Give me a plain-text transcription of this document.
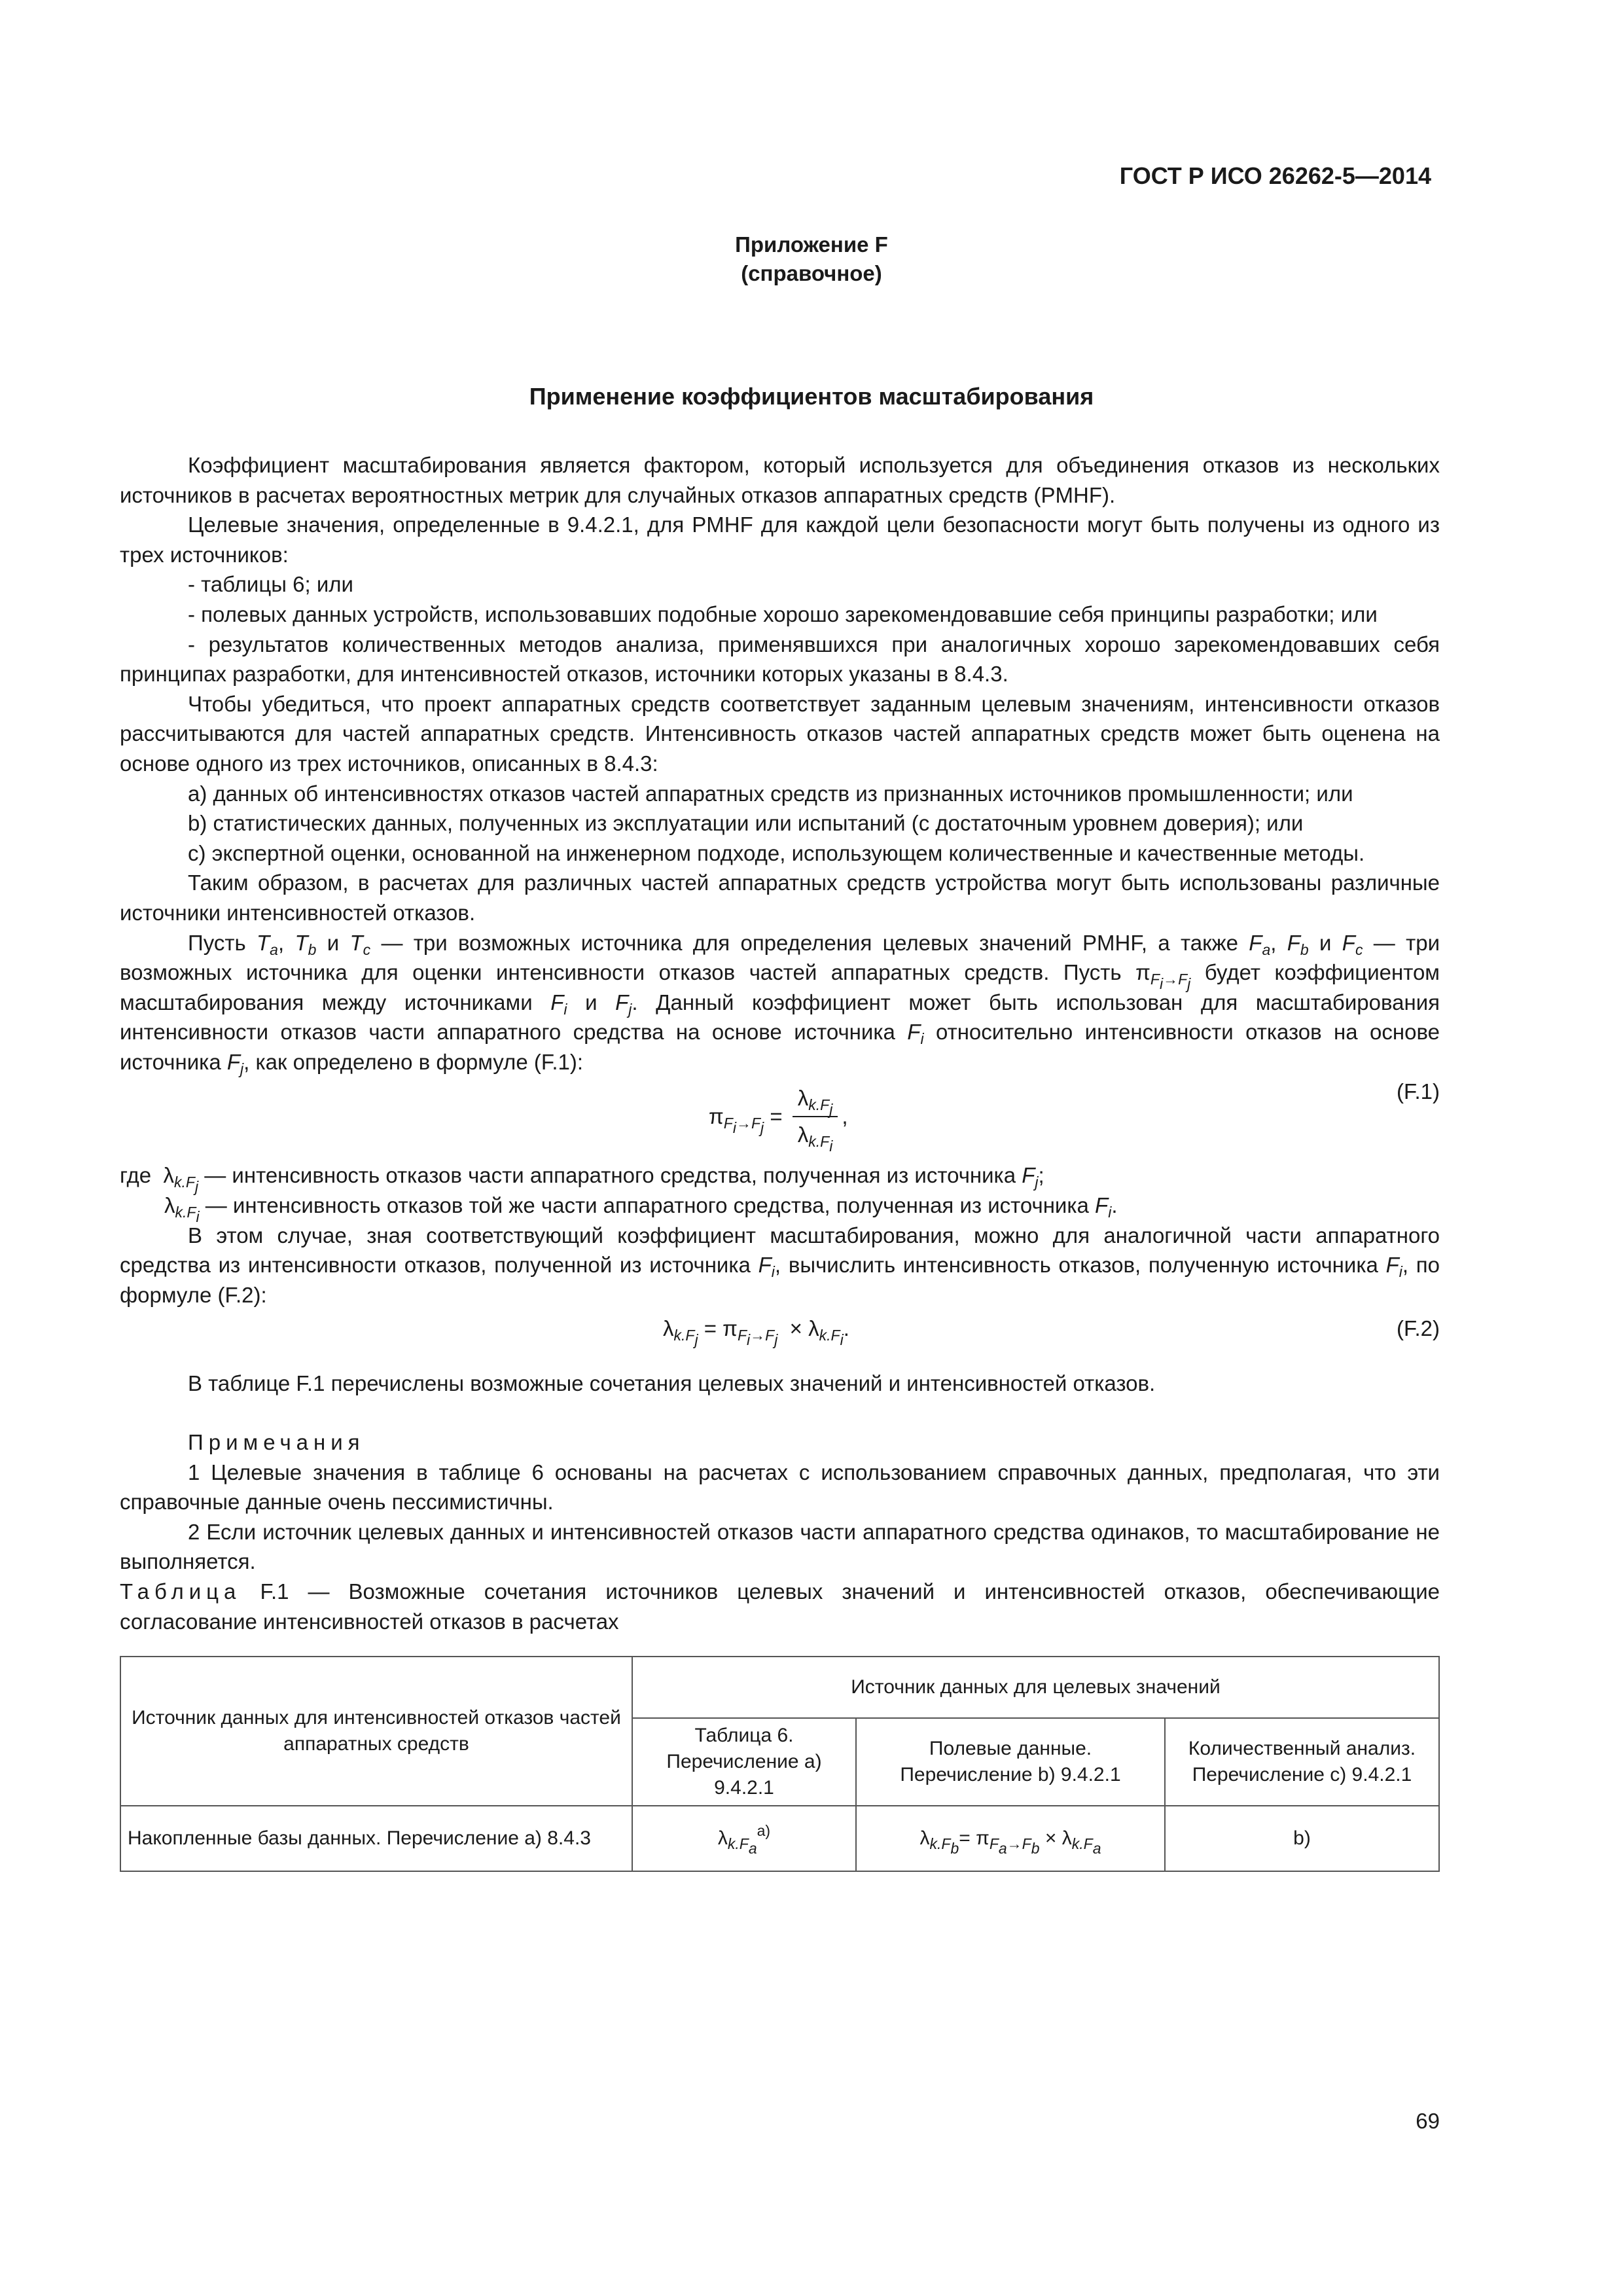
ГОСТ Р ИСО 26262-5—2014
Приложение F
(справочное)
Применение коэффициентов масштабирования

Коэффициент масштабирования является фактором, который используется для объединения отказов из нескольких источников в расчетах вероятностных метрик для случайных отказов аппаратных средств (PMHF).

Целевые значения, определенные в 9.4.2.1, для PMHF для каждой цели безопасности могут быть получены из одного из трех источников:

- таблицы 6; или

- полевых данных устройств, использовавших подобные хорошо зарекомендовавшие себя принципы разработки; или

- результатов количественных методов анализа, применявшихся при аналогичных хорошо зарекомендовавших себя принципах разработки, для интенсивностей отказов, источники которых указаны в 8.4.3.

Чтобы убедиться, что проект аппаратных средств соответствует заданным целевым значениям, интенсивности отказов рассчитываются для частей аппаратных средств. Интенсивность отказов частей аппаратных средств может быть оценена на основе одного из трех источников, описанных в 8.4.3:

a) данных об интенсивностях отказов частей аппаратных средств из признанных источников промышленности; или

b) статистических данных, полученных из эксплуатации или испытаний (с достаточным уровнем доверия); или

c) экспертной оценки, основанной на инженерном подходе, использующем количественные и качественные методы.

Таким образом, в расчетах для различных частей аппаратных средств устройства могут быть использованы различные источники интенсивностей отказов.

Пусть $T_a$, $T_b$ и $T_c$ — три возможных источника для определения целевых значений PMHF, а также $F_a$, $F_b$ и $F_c$ — три возможных источника для оценки интенсивности отказов частей аппаратных средств. Пусть $\pi_{F_i\to F_j}$ будет коэффициентом масштабирования между источниками $F_i$ и $F_j$. Данный коэффициент может быть использован для масштабирования интенсивности отказов части аппаратного средства на основе источника $F_i$ относительно интенсивности отказов на основе источника $F_j$, как определено в формуле (F.1):

$\pi_{F_i\to F_j} = \frac{\lambda_{k.F_j}}{\lambda_{k.F_i}}$ ,
(F.1)

где  $\lambda_{k.F_j}$ — интенсивность отказов части аппаратного средства, полученная из источника $F_j$;

$\lambda_{k.F_i}$ — интенсивность отказов той же части аппаратного средства, полученная из источника $F_i$.

В этом случае, зная соответствующий коэффициент масштабирования, можно для аналогичной части аппаратного средства из интенсивности отказов, полученной из источника $F_i$, вычислить интенсивность отказов, полученную источника $F_i$, по формуле (F.2):

$\lambda_{k.F_j} = \pi_{F_i\to F_j} \times \lambda_{k.F_i}$.	(F.2)

В таблице F.1 перечислены возможные сочетания целевых значений и интенсивностей отказов.

Примечания

1 Целевые значения в таблице 6 основаны на расчетах с использованием справочных данных, предполагая, что эти справочные данные очень пессимистичны.

2 Если источник целевых данных и интенсивностей отказов части аппаратного средства одинаков, то масштабирование не выполняется.

Таблица F.1 — Возможные сочетания источников целевых значений и интенсивностей отказов, обеспечивающие согласование интенсивностей отказов в расчетах

Источник данных для интенсивностей отказов частей аппаратных средств	Источник данных для целевых значений		
	Таблица 6. Перечисление a) 9.4.2.1	Полевые данные. Перечисление b) 9.4.2.1	Количественный анализ. Перечисление c) 9.4.2.1
Накопленные базы данных. Перечисление a) 8.4.3	$\lambda_{k.F_a}^{a)}$	$\lambda_{k.F_b}= \pi_{F_a\to F_b} \times \lambda_{k.F_a}$	b)
69
